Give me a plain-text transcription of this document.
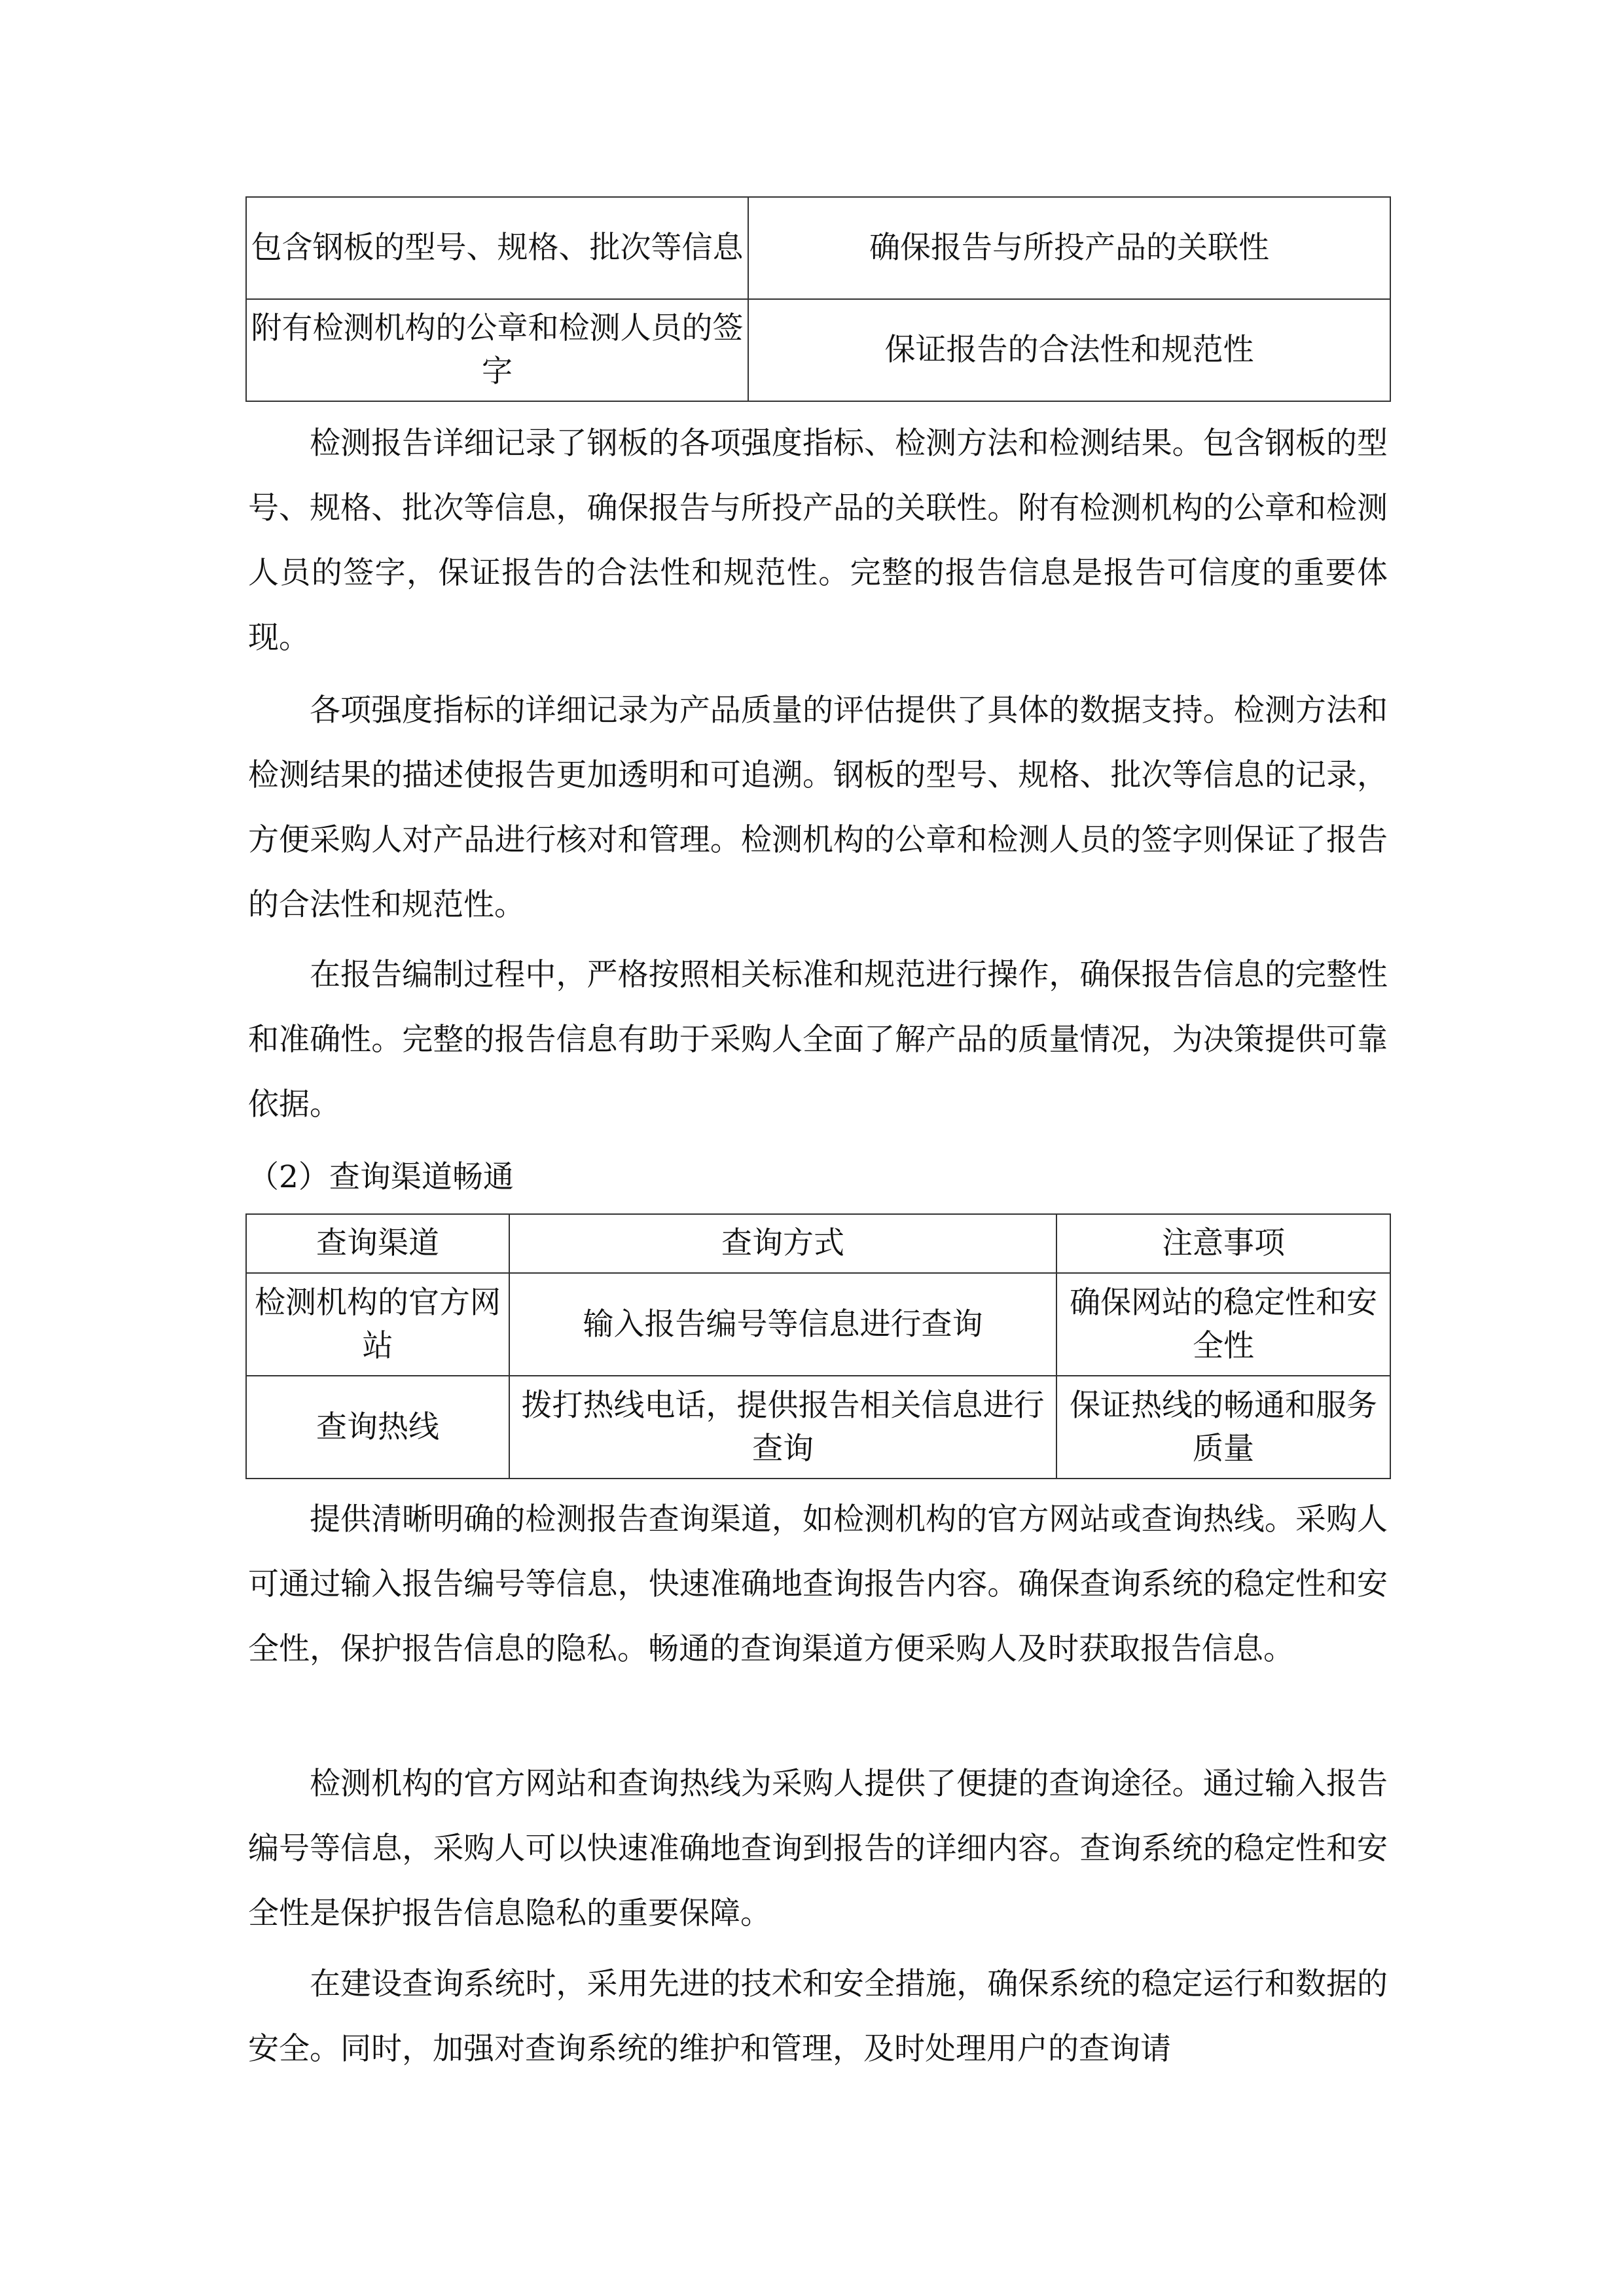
包含钢板的型号、规格、批次等信息	确保报告与所投产品的关联性
附有检测机构的公章和检测人员的签字	保证报告的合法性和规范性

检测报告详细记录了钢板的各项强度指标、检测方法和检测结果。包含钢板的型号、规格、批次等信息，确保报告与所投产品的关联性。附有检测机构的公章和检测人员的签字，保证报告的合法性和规范性。完整的报告信息是报告可信度的重要体现。

各项强度指标的详细记录为产品质量的评估提供了具体的数据支持。检测方法和检测结果的描述使报告更加透明和可追溯。钢板的型号、规格、批次等信息的记录，方便采购人对产品进行核对和管理。检测机构的公章和检测人员的签字则保证了报告的合法性和规范性。

在报告编制过程中，严格按照相关标准和规范进行操作，确保报告信息的完整性和准确性。完整的报告信息有助于采购人全面了解产品的质量情况，为决策提供可靠依据。

（2）查询渠道畅通

查询渠道	查询方式	注意事项
检测机构的官方网站	输入报告编号等信息进行查询	确保网站的稳定性和安全性
查询热线	拨打热线电话，提供报告相关信息进行查询	保证热线的畅通和服务质量

提供清晰明确的检测报告查询渠道，如检测机构的官方网站或查询热线。采购人可通过输入报告编号等信息，快速准确地查询报告内容。确保查询系统的稳定性和安全性，保护报告信息的隐私。畅通的查询渠道方便采购人及时获取报告信息。

检测机构的官方网站和查询热线为采购人提供了便捷的查询途径。通过输入报告编号等信息，采购人可以快速准确地查询到报告的详细内容。查询系统的稳定性和安全性是保护报告信息隐私的重要保障。

在建设查询系统时，采用先进的技术和安全措施，确保系统的稳定运行和数据的安全。同时，加强对查询系统的维护和管理，及时处理用户的查询请
